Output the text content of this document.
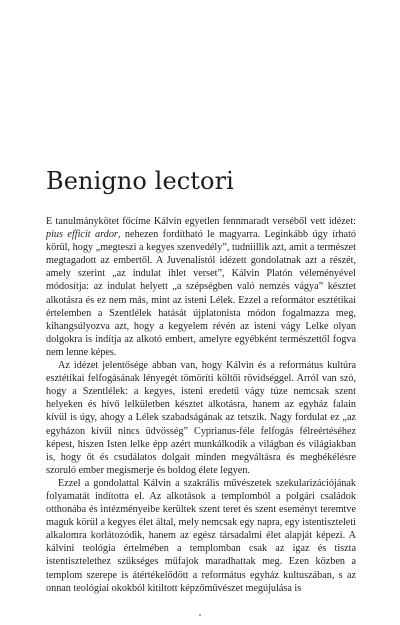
Benigno lectori

E tanulmánykötet főcíme Kálvin egyetlen fennmaradt verséből vett idézet: pius efficit ardor, nehezen fordítható le magyarra. Leginkább úgy írható körül, hogy „megteszi a kegyes szenvedély”, tudniillik azt, amit a természet megtagadott az embertől. A Juvenalistól idézett gondolatnak azt a részét, amely szerint „az indulat ihlet verset”, Kálvin Platón véleményével módosítja: az indulat helyett „a szépségben való nemzés vágya” késztet alkotásra és ez nem más, mint az isteni Lélek. Ezzel a reformátor esztétikai értelemben a Szentlélek hatását újplatonista módon fogalmazza meg, kihangsúlyozva azt, hogy a kegyelem révén az isteni vágy Lelke olyan dolgokra is indítja az alkotó embert, amelyre egyébként természettől fogva nem lenne képes.

Az idézet jelentősége abban van, hogy Kálvin és a református kultúra esztétikai felfogásának lényegét tömöríti költői rövidséggel. Arról van szó, hogy a Szentlélek: a kegyes, isteni eredetű vágy túze nemcsak szent helyeken és hívő lelkületben késztet alkotásra, hanem az egyház falain kívül is úgy, ahogy a Lélek szabadságának az tetszik. Nagy fordulat ez „az egyházon kívül nincs üdvösség” Cyprianus-féle felfogás félreértéséhez képest, hiszen Isten lelke épp azért munkálkodik a világban és világiakban is, hogy őt és csudálatos dolgait minden megváltásra és megbékélésre szoruló ember megismerje és boldog élete legyen.

Ezzel a gondolattal Kálvin a szakrális művészetek szekularizációjának folyamatát indította el. Az alkotások a templomból a polgári családok otthonába és intézményeibe kerültek szent teret és szent eseményt teremtve maguk körül a kegyes élet által, mely nemcsak egy napra, egy istentiszteleti alkalomra korlátozódik, hanem az egész társadalmi élet alapját képezi. A kálvini teológia értelmében a templomban csak az igaz és tiszta istentisztelethez szükséges műfajok maradhattak meg. Ezen közben a templom szerepe is átértékelődött a református egyház kultuszában, s az onnan teológiai okokból kitiltott képzőművészet megújulása is
